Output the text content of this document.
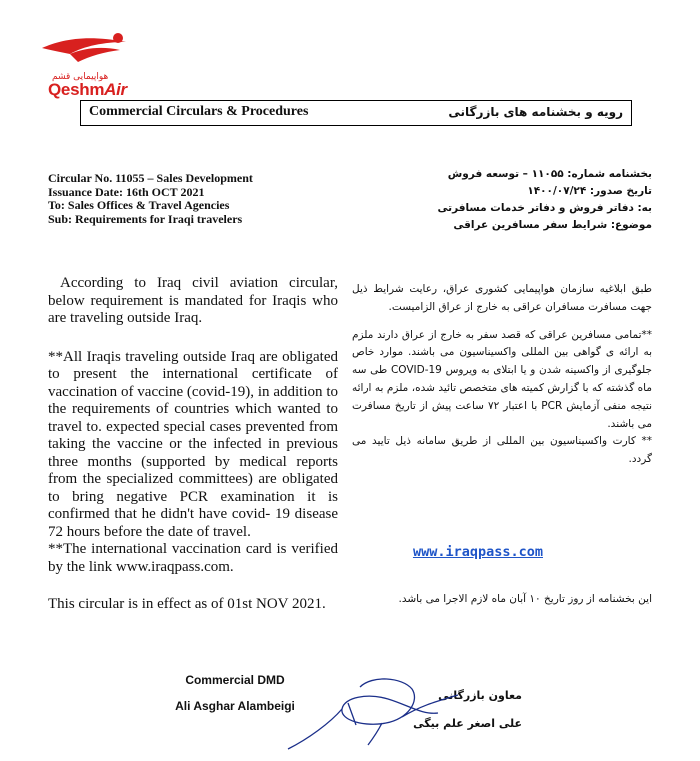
هواپیمایی قشم
QeshmAir
Commercial Circulars & Procedures	رویه و بخشنامه های بازرگانی
Circular No. 11055 – Sales Development
Issuance Date: 16th OCT 2021
To: Sales Offices & Travel Agencies
Sub: Requirements for Iraqi travelers
بخشنامه شماره: ۱۱۰۵۵ – توسعه فروش
تاریخ صدور: ۱۴۰۰/۰۷/۲۴
به: دفاتر فروش و دفاتر خدمات مسافرتی
موضوع: شرایط سفر مسافرین عراقی

According to Iraq civil aviation circular, below requirement is mandated for Iraqis who are traveling outside Iraq.

**All Iraqis traveling outside Iraq are obligated to present the international certificate of vaccination of vaccine (covid-19), in addition to the requirements of countries which wanted to travel to. expected special cases prevented from taking the vaccine or the infected in previous three months (supported by medical reports from the specialized committees) are obligated to bring negative PCR examination it is confirmed that he didn't have covid- 19 disease 72 hours before the date of travel.

**The international vaccination card is verified by the link www.iraqpass.com.

This circular is in effect as of 01st NOV 2021.

طبق ابلاغیه سازمان هواپیمایی کشوری عراق، رعایت شرایط ذیل جهت مسافرت مسافران عراقی به خارج از عراق الزامیست.

**تمامی مسافرین عراقی که قصد سفر به خارج از عراق دارند ملزم به ارائه ی گواهی بین المللی واکسیناسیون می باشند. موارد خاص جلوگیری از واکسینه شدن و یا ابتلای به ویروس COVID-19 طی سه ماه گذشته که با گزارش کمیته های متخصص تائید شده، ملزم به ارائه نتیجه منفی آزمایش PCR با اعتبار ۷۲ ساعت پیش از تاریخ مسافرت می باشند.

** کارت واکسیناسیون بین المللی از طریق سامانه ذیل تایید می گردد.

www.iraqpass.com
این بخشنامه از روز تاریخ ۱۰ آبان ماه لازم الاجرا می باشد.
Commercial DMD
Ali Asghar Alambeigi
معاون بازرگانی
علی اصغر علم بیگی
